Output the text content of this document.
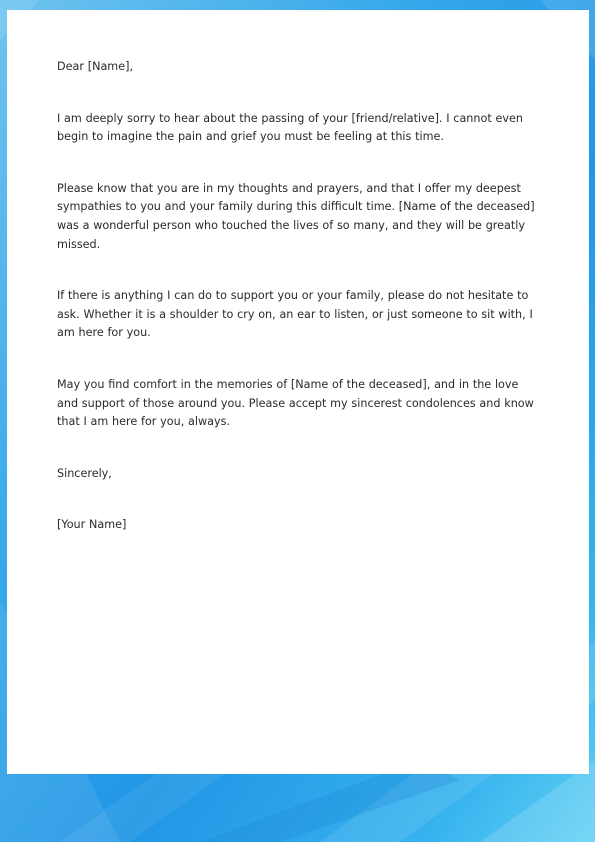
Dear [Name],

I am deeply sorry to hear about the passing of your [friend/relative]. I cannot even begin to imagine the pain and grief you must be feeling at this time.

Please know that you are in my thoughts and prayers, and that I offer my deepest sympathies to you and your family during this difficult time. [Name of the deceased] was a wonderful person who touched the lives of so many, and they will be greatly missed.

If there is anything I can do to support you or your family, please do not hesitate to ask. Whether it is a shoulder to cry on, an ear to listen, or just someone to sit with, I am here for you.

May you find comfort in the memories of [Name of the deceased], and in the love and support of those around you. Please accept my sincerest condolences and know that I am here for you, always.

Sincerely,

[Your Name]
